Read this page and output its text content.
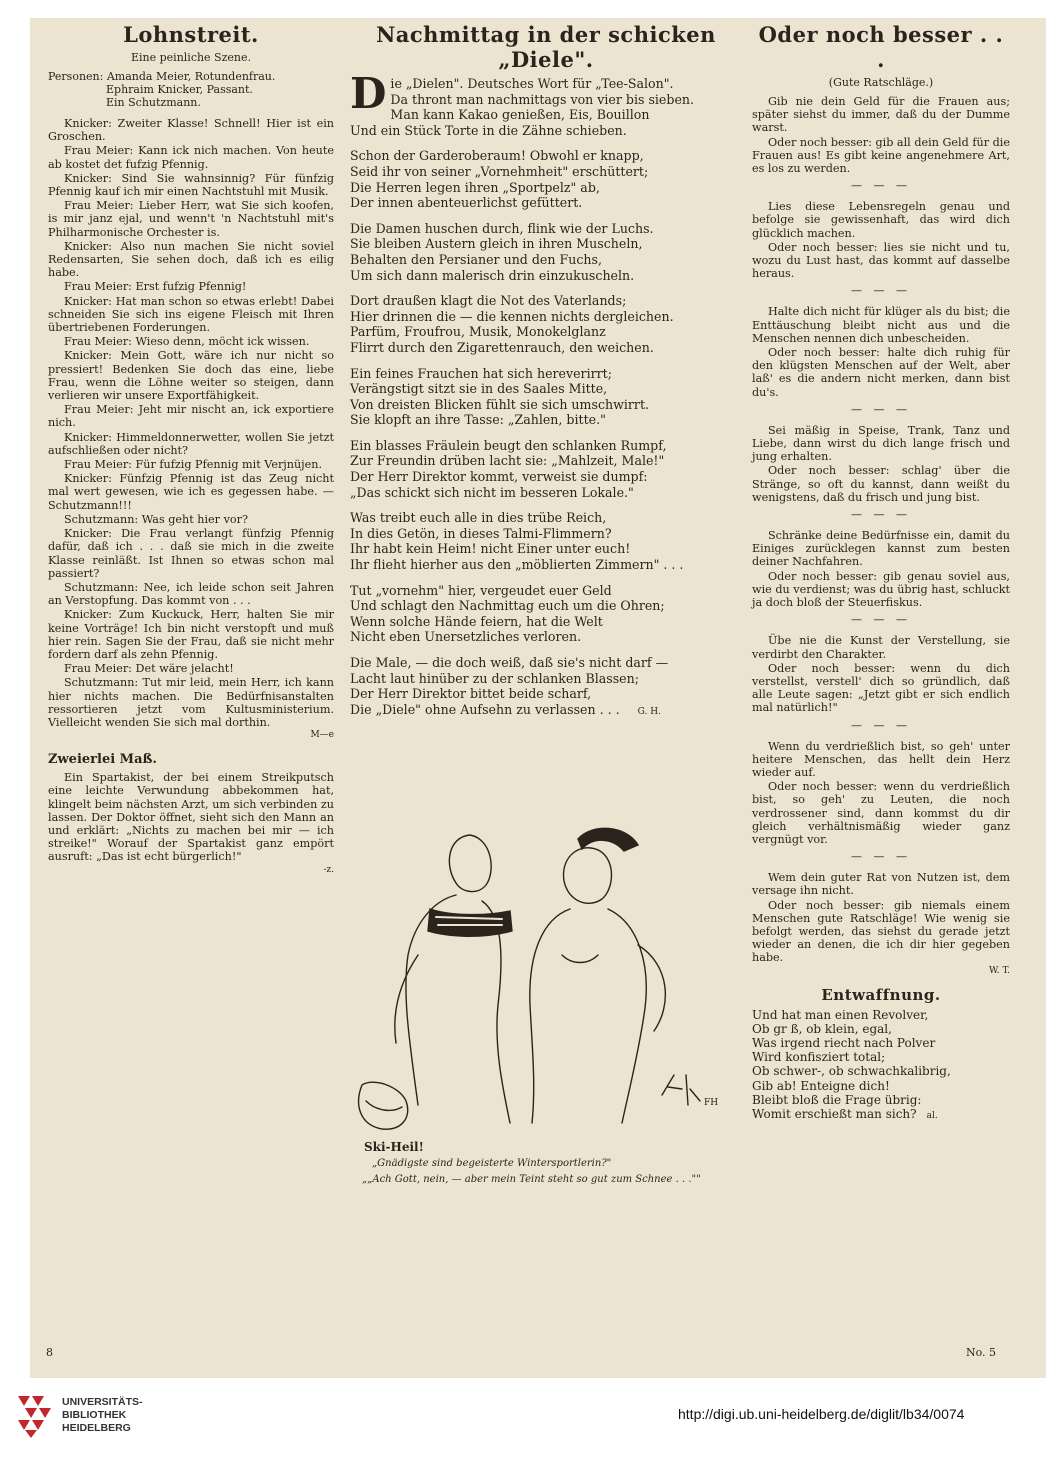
Lohnstreit.
Eine peinliche Szene.
Personen: Amanda Meier, Rotundenfrau.
Ephraim Knicker, Passant.
Ein Schutzmann.

Knicker: Zweiter Klasse! Schnell! Hier ist ein Groschen.

Frau Meier: Kann ick nich machen. Von heute ab kostet det fufzig Pfennig.

Knicker: Sind Sie wahnsinnig? Für fünfzig Pfennig kauf ich mir einen Nachtstuhl mit Musik.

Frau Meier: Lieber Herr, wat Sie sich koofen, is mir janz ejal, und wenn't 'n Nachtstuhl mit's Philharmonische Orchester is.

Knicker: Also nun machen Sie nicht soviel Redensarten, Sie sehen doch, daß ich es eilig habe.

Frau Meier: Erst fufzig Pfennig!

Knicker: Hat man schon so etwas erlebt! Dabei schneiden Sie sich ins eigene Fleisch mit Ihren übertriebenen Forderungen.

Frau Meier: Wieso denn, möcht ick wissen.

Knicker: Mein Gott, wäre ich nur nicht so pressiert! Bedenken Sie doch das eine, liebe Frau, wenn die Löhne weiter so steigen, dann verlieren wir unsere Exportfähigkeit.

Frau Meier: Jeht mir nischt an, ick exportiere nich.

Knicker: Himmeldonnerwetter, wollen Sie jetzt aufschließen oder nicht?

Frau Meier: Für fufzig Pfennig mit Verjnüjen.

Knicker: Fünfzig Pfennig ist das Zeug nicht mal wert gewesen, wie ich es gegessen habe. — Schutzmann!!!

Schutzmann: Was geht hier vor?

Knicker: Die Frau verlangt fünfzig Pfennig dafür, daß ich . . . daß sie mich in die zweite Klasse reinläßt. Ist Ihnen so etwas schon mal passiert?

Schutzmann: Nee, ich leide schon seit Jahren an Verstopfung. Das kommt von . . .

Knicker: Zum Kuckuck, Herr, halten Sie mir keine Vorträge! Ich bin nicht verstopft und muß hier rein. Sagen Sie der Frau, daß sie nicht mehr fordern darf als zehn Pfennig.

Frau Meier: Det wäre jelacht!

Schutzmann: Tut mir leid, mein Herr, ich kann hier nichts machen. Die Bedürfnisanstalten ressortieren jetzt vom Kultusministerium. Vielleicht wenden Sie sich mal dorthin.

M—e
Zweierlei Maß.

Ein Spartakist, der bei einem Streikputsch eine leichte Verwundung abbekommen hat, klingelt beim nächsten Arzt, um sich verbinden zu lassen. Der Doktor öffnet, sieht sich den Mann an und erklärt: „Nichts zu machen bei mir — ich streike!" Worauf der Spartakist ganz empört ausruft: „Das ist echt bürgerlich!"

-z.
Nachmittag in der schicken „Diele".
D ie „Dielen". Deutsches Wort für „Tee-Salon".
Da thront man nachmittags von vier bis sieben.
Man kann Kakao genießen, Eis, Bouillon
Und ein Stück Torte in die Zähne schieben.
Schon der Garderoberaum! Obwohl er knapp,
Seid ihr von seiner „Vornehmheit" erschüttert;
Die Herren legen ihren „Sportpelz" ab,
Der innen abenteuerlichst gefüttert.
Die Damen huschen durch, flink wie der Luchs.
Sie bleiben Austern gleich in ihren Muscheln,
Behalten den Persianer und den Fuchs,
Um sich dann malerisch drin einzukuscheln.
Dort draußen klagt die Not des Vaterlands;
Hier drinnen die — die kennen nichts dergleichen.
Parfüm, Froufrou, Musik, Monokelglanz
Flirrt durch den Zigarettenrauch, den weichen.
Ein feines Frauchen hat sich hereverirrt;
Verängstigt sitzt sie in des Saales Mitte,
Von dreisten Blicken fühlt sie sich umschwirrt.
Sie klopft an ihre Tasse: „Zahlen, bitte."
Ein blasses Fräulein beugt den schlanken Rumpf,
Zur Freundin drüben lacht sie: „Mahlzeit, Male!"
Der Herr Direktor kommt, verweist sie dumpf:
„Das schickt sich nicht im besseren Lokale."
Was treibt euch alle in dies trübe Reich,
In dies Getön, in dieses Talmi-Flimmern?
Ihr habt kein Heim! nicht Einer unter euch!
Ihr flieht hierher aus den „möblierten Zimmern" . . .
Tut „vornehm" hier, vergeudet euer Geld
Und schlagt den Nachmittag euch um die Ohren;
Wenn solche Hände feiern, hat die Welt
Nicht eben Unersetzliches verloren.
Die Male, — die doch weiß, daß sie's nicht darf —
Lacht laut hinüber zu der schlanken Blassen;
Der Herr Direktor bittet beide scharf,
Die „Diele" ohne Aufsehn zu verlassen . . . G. H.
FH
Ski-Heil!
„Gnädigste sind begeisterte Wintersportlerin?"
„„Ach Gott, nein, — aber mein Teint steht so gut zum Schnee . . .""
Oder noch besser . . .
(Gute Ratschläge.)

Gib nie dein Geld für die Frauen aus; später siehst du immer, daß du der Dumme warst.

Oder noch besser: gib all dein Geld für die Frauen aus! Es gibt keine angenehmere Art, es los zu werden.

— — —

Lies diese Lebensregeln genau und befolge sie gewissenhaft, das wird dich glücklich machen.

Oder noch besser: lies sie nicht und tu, wozu du Lust hast, das kommt auf dasselbe heraus.

— — —

Halte dich nicht für klüger als du bist; die Enttäuschung bleibt nicht aus und die Menschen nennen dich unbescheiden.

Oder noch besser: halte dich ruhig für den klügsten Menschen auf der Welt, aber laß' es die andern nicht merken, dann bist du's.

— — —

Sei mäßig in Speise, Trank, Tanz und Liebe, dann wirst du dich lange frisch und jung erhalten.

Oder noch besser: schlag' über die Stränge, so oft du kannst, dann weißt du wenigstens, daß du frisch und jung bist.

— — —

Schränke deine Bedürfnisse ein, damit du Einiges zurücklegen kannst zum besten deiner Nachfahren.

Oder noch besser: gib genau soviel aus, wie du verdienst; was du übrig hast, schluckt ja doch bloß der Steuerfiskus.

— — —

Übe nie die Kunst der Verstellung, sie verdirbt den Charakter.

Oder noch besser: wenn du dich verstellst, verstell' dich so gründlich, daß alle Leute sagen: „Jetzt gibt er sich endlich mal natürlich!"

— — —

Wenn du verdrießlich bist, so geh' unter heitere Menschen, das hellt dein Herz wieder auf.

Oder noch besser: wenn du verdrießlich bist, so geh' zu Leuten, die noch verdrossener sind, dann kommst du dir gleich verhältnismäßig wieder ganz vergnügt vor.

— — —

Wem dein guter Rat von Nutzen ist, dem versage ihn nicht.

Oder noch besser: gib niemals einem Menschen gute Ratschläge! Wie wenig sie befolgt werden, das siehst du gerade jetzt wieder an denen, die ich dir hier gegeben habe.

W. T.
Entwaffnung.
Und hat man einen Revolver,
Ob gr ß, ob klein, egal,
Was irgend riecht nach Polver
Wird konfisziert total;
Ob schwer-, ob schwachkalibrig,
Gib ab! Enteigne dich!
Bleibt bloß die Frage übrig:
Womit erschießt man sich? al.
8	No. 5
UNIVERSITÄTS-
BIBLIOTHEK
HEIDELBERG
http://digi.ub.uni-heidelberg.de/diglit/lb34/0074
